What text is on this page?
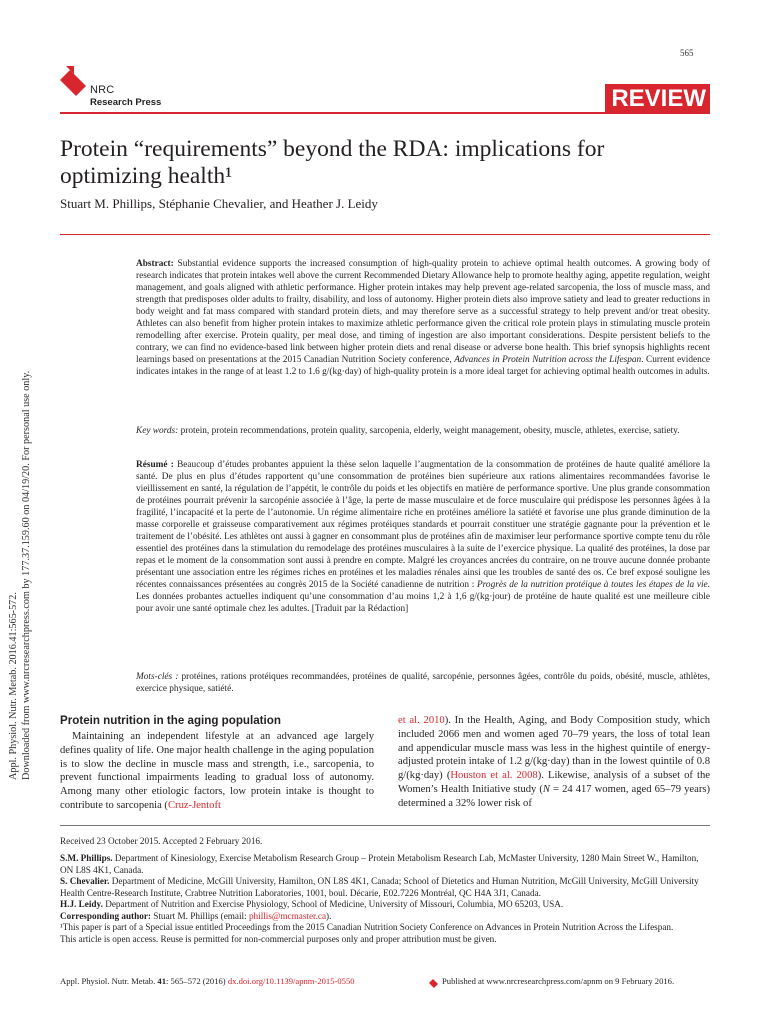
565
NRC
Research Press	REVIEW
Protein “requirements” beyond the RDA: implications for optimizing health¹
Stuart M. Phillips, Stéphanie Chevalier, and Heather J. Leidy
Appl. Physiol. Nutr. Metab. 2016.41:565-572. Downloaded from www.nrcresearchpress.com by 177.37.159.60 on 04/19/20. For personal use only.
Abstract: Substantial evidence supports the increased consumption of high-quality protein to achieve optimal health outcomes. A growing body of research indicates that protein intakes well above the current Recommended Dietary Allowance help to promote healthy aging, appetite regulation, weight management, and goals aligned with athletic performance. Higher protein intakes may help prevent age-related sarcopenia, the loss of muscle mass, and strength that predisposes older adults to frailty, disability, and loss of autonomy. Higher protein diets also improve satiety and lead to greater reductions in body weight and fat mass compared with standard protein diets, and may therefore serve as a successful strategy to help prevent and/or treat obesity. Athletes can also benefit from higher protein intakes to maximize athletic performance given the critical role protein plays in stimulating muscle protein remodelling after exercise. Protein quality, per meal dose, and timing of ingestion are also important considerations. Despite persistent beliefs to the contrary, we can find no evidence-based link between higher protein diets and renal disease or adverse bone health. This brief synopsis highlights recent learnings based on presentations at the 2015 Canadian Nutrition Society conference, Advances in Protein Nutrition across the Lifespan. Current evidence indicates intakes in the range of at least 1.2 to 1.6 g/(kg·day) of high-quality protein is a more ideal target for achieving optimal health outcomes in adults.
Key words: protein, protein recommendations, protein quality, sarcopenia, elderly, weight management, obesity, muscle, athletes, exercise, satiety.
Résumé : Beaucoup d’études probantes appuient la thèse selon laquelle l’augmentation de la consommation de protéines de haute qualité améliore la santé. De plus en plus d’études rapportent qu’une consommation de protéines bien supérieure aux rations alimentaires recommandées favorise le vieillissement en santé, la régulation de l’appétit, le contrôle du poids et les objectifs en matière de performance sportive. Une plus grande consommation de protéines pourrait prévenir la sarcopénie associée à l’âge, la perte de masse musculaire et de force musculaire qui prédispose les personnes âgées à la fragilité, l’incapacité et la perte de l’autonomie. Un régime alimentaire riche en protéines améliore la satiété et favorise une plus grande diminution de la masse corporelle et graisseuse comparativement aux régimes protéiques standards et pourrait constituer une stratégie gagnante pour la prévention et le traitement de l’obésité. Les athlètes ont aussi à gagner en consommant plus de protéines afin de maximiser leur performance sportive compte tenu du rôle essentiel des protéines dans la stimulation du remodelage des protéines musculaires à la suite de l’exercice physique. La qualité des protéines, la dose par repas et le moment de la consommation sont aussi à prendre en compte. Malgré les croyances ancrées du contraire, on ne trouve aucune donnée probante présentant une association entre les régimes riches en protéines et les maladies rénales ainsi que les troubles de santé des os. Ce bref exposé souligne les récentes connaissances présentées au congrès 2015 de la Société canadienne de nutrition : Progrès de la nutrition protéique à toutes les étapes de la vie. Les données probantes actuelles indiquent qu’une consommation d’au moins 1,2 à 1,6 g/(kg·jour) de protéine de haute qualité est une meilleure cible pour avoir une santé optimale chez les adultes. [Traduit par la Rédaction]
Mots-clés : protéines, rations protéiques recommandées, protéines de qualité, sarcopénie, personnes âgées, contrôle du poids, obésité, muscle, athlètes, exercice physique, satiété.
Protein nutrition in the aging population
Maintaining an independent lifestyle at an advanced age largely defines quality of life. One major health challenge in the aging population is to slow the decline in muscle mass and strength, i.e., sarcopenia, to prevent functional impairments leading to gradual loss of autonomy. Among many other etiologic factors, low protein intake is thought to contribute to sarcopenia (Cruz-Jentoft
et al. 2010). In the Health, Aging, and Body Composition study, which included 2066 men and women aged 70–79 years, the loss of total lean and appendicular muscle mass was less in the highest quintile of energy-adjusted protein intake of 1.2 g/(kg·day) than in the lowest quintile of 0.8 g/(kg·day) (Houston et al. 2008). Likewise, analysis of a subset of the Women’s Health Initiative study (N = 24 417 women, aged 65–79 years) determined a 32% lower risk of
Received 23 October 2015. Accepted 2 February 2016.
S.M. Phillips. Department of Kinesiology, Exercise Metabolism Research Group – Protein Metabolism Research Lab, McMaster University, 1280 Main Street W., Hamilton, ON L8S 4K1, Canada.
S. Chevalier. Department of Medicine, McGill University, Hamilton, ON L8S 4K1, Canada; School of Dietetics and Human Nutrition, McGill University, McGill University Health Centre-Research Institute, Crabtree Nutrition Laboratories, 1001, boul. Décarie, E02.7226 Montréal, QC H4A 3J1, Canada.
H.J. Leidy. Department of Nutrition and Exercise Physiology, School of Medicine, University of Missouri, Columbia, MO 65203, USA.
Corresponding author: Stuart M. Phillips (email: phillis@mcmaster.ca).
¹This paper is part of a Special issue entitled Proceedings from the 2015 Canadian Nutrition Society Conference on Advances in Protein Nutrition Across the Lifespan.
This article is open access. Reuse is permitted for non-commercial purposes only and proper attribution must be given.
Appl. Physiol. Nutr. Metab. 41: 565–572 (2016) dx.doi.org/10.1139/apnm-2015-0550	Published at www.nrcresearchpress.com/apnm on 9 February 2016.
